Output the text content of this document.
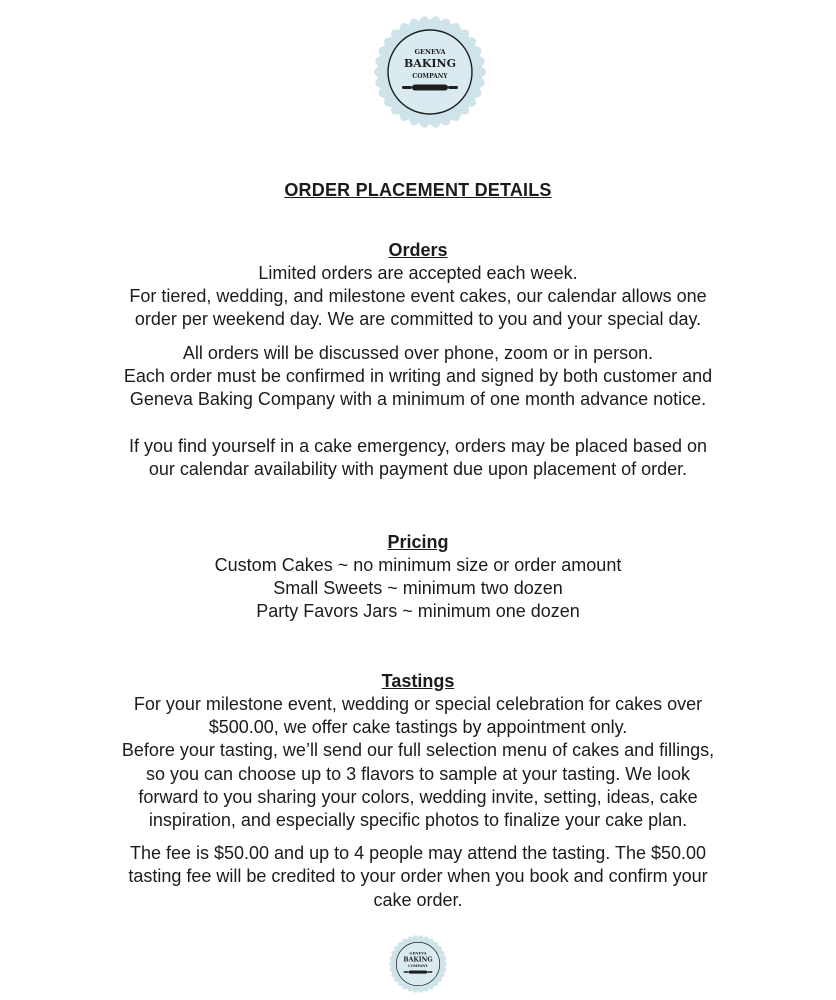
GENEVA
BAKING
COMPANY
ORDER PLACEMENT DETAILS
Orders

Limited orders are accepted each week.
For tiered, wedding, and milestone event cakes, our calendar allows one
order per weekend day. We are committed to you and your special day.

All orders will be discussed over phone, zoom or in person.
Each order must be confirmed in writing and signed by both customer and
Geneva Baking Company with a minimum of one month advance notice.

If you find yourself in a cake emergency, orders may be placed based on
our calendar availability with payment due upon placement of order.

Pricing

Custom Cakes ~ no minimum size or order amount
Small Sweets ~ minimum two dozen
Party Favors Jars ~ minimum one dozen

Tastings

For your milestone event, wedding or special celebration for cakes over
$500.00, we offer cake tastings by appointment only.
Before your tasting, we’ll send our full selection menu of cakes and fillings,
so you can choose up to 3 flavors to sample at your tasting. We look
forward to you sharing your colors, wedding invite, setting, ideas, cake
inspiration, and especially specific photos to finalize your cake plan.

The fee is $50.00 and up to 4 people may attend the tasting. The $50.00
tasting fee will be credited to your order when you book and confirm your
cake order.

GENEVA
BAKING
COMPANY
